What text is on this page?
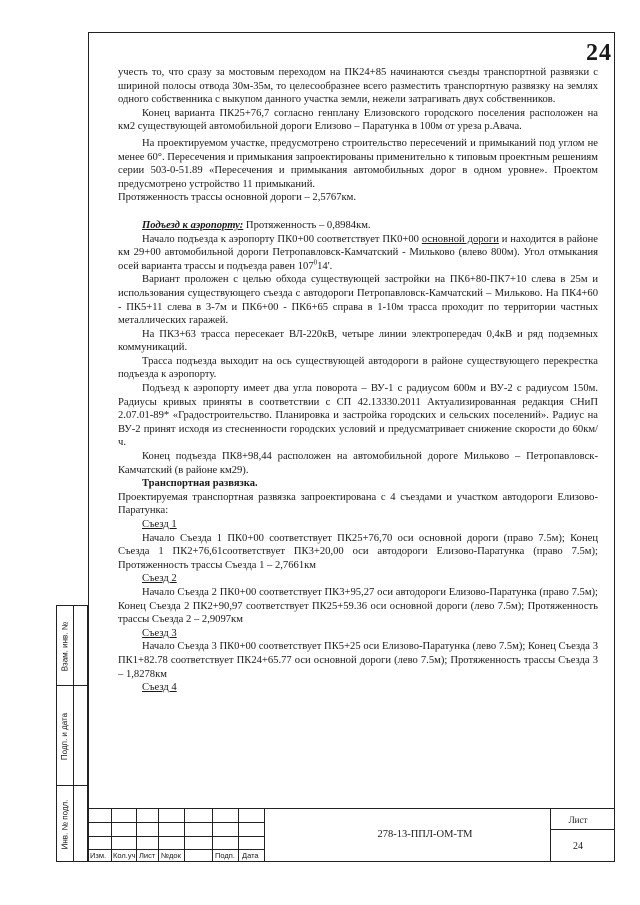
24

учесть то, что сразу за мостовым переходом на ПК24+85 начинаются съезды транспортной развязки с шириной полосы отвода 30м-35м, то целесообразнее всего разместить транспортную развязку на землях одного собственника с выкупом данного участка земли, нежели затрагивать двух собственников.

Конец варианта ПК25+76,7 согласно генплану Елизовского городского поселения расположен на км2 существующей автомобильной дороги Елизово – Паратунка в 100м от уреза р.Авача.

На проектируемом участке, предусмотрено строительство пересечений и примыканий под углом не менее 60°. Пересечения и примыкания запроектированы применительно к типовым проектным решениям серии 503-0-51.89 «Пересечения и примыкания автомобильных дорог в одном уровне». Проектом предусмотрено устройство 11 примыканий.

Протяженность трассы основной дороги – 2,5767км.

Подъезд к аэропорту: Протяженность – 0,8984км.

Начало подъезда к аэропорту ПК0+00 соответствует ПК0+00 основной дороги и находится в районе км 29+00 автомобильной дороги Петропавловск-Камчатский - Мильково (влево 800м). Угол отмыкания осей варианта трассы и подъезда равен $107^014'$.

Вариант проложен с целью обхода существующей застройки на ПК6+80-ПК7+10 слева в 25м и использования существующего съезда с автодороги Петропавловск-Камчатский – Мильково. На ПК4+60 - ПК5+11 слева в 3-7м и ПК6+00 - ПК6+65 справа в 1-10м трасса проходит по территории частных металлических гаражей.

На ПК3+63 трасса пересекает ВЛ-220кВ, четыре линии электропередач 0,4кВ и ряд подземных коммуникаций.

Трасса подъезда выходит на ось существующей автодороги в районе существующего перекрестка подъезда к аэропорту.

Подъезд к аэропорту имеет два угла поворота – ВУ-1 с радиусом 600м и ВУ-2 с радиусом 150м. Радиусы кривых приняты в соответствии с СП 42.13330.2011 Актуализированная редакция СНиП 2.07.01-89* «Градостроительство. Планировка и застройка городских и сельских поселений». Радиус на ВУ-2 принят исходя из стесненности городских условий и предусматривает снижение скорости до 60км/ч.

Конец подъезда ПК8+98,44 расположен на автомобильной дороге Мильково – Петропавловск-Камчатский (в районе км29).

Транспортная развязка.

Проектируемая транспортная развязка запроектирована с 4 съездами и участком автодороги Елизово-Паратунка:

Съезд 1

Начало Съезда 1 ПК0+00 соответствует ПК25+76,70 оси основной дороги (право 7.5м); Конец Съезда 1 ПК2+76,61соответствует ПК3+20,00 оси автодороги Елизово-Паратунка (право 7.5м); Протяженность трассы Съезда 1 – 2,7661км

Съезд 2

Начало Съезда 2 ПК0+00 соответствует ПК3+95,27 оси автодороги Елизово-Паратунка (право 7.5м); Конец Съезда 2 ПК2+90,97 соответствует ПК25+59.36 оси основной дороги (лево 7.5м); Протяженность трассы Съезда 2 – 2,9097км

Съезд 3

Начало Съезда 3 ПК0+00 соответствует ПК5+25 оси Елизово-Паратунка (лево 7.5м); Конец Съезда 3 ПК1+82.78 соответствует ПК24+65.77 оси основной дороги (лево 7.5м); Протяженность трассы Съезда 3 – 1,8278км

Съезд 4

Взам. инв. №
Подп. и дата
Инв. № подл.
Изм. Кол.уч Лист №док	Подп. Дата
278-13-ППЛ-ОМ-ТМ
Лист
24
